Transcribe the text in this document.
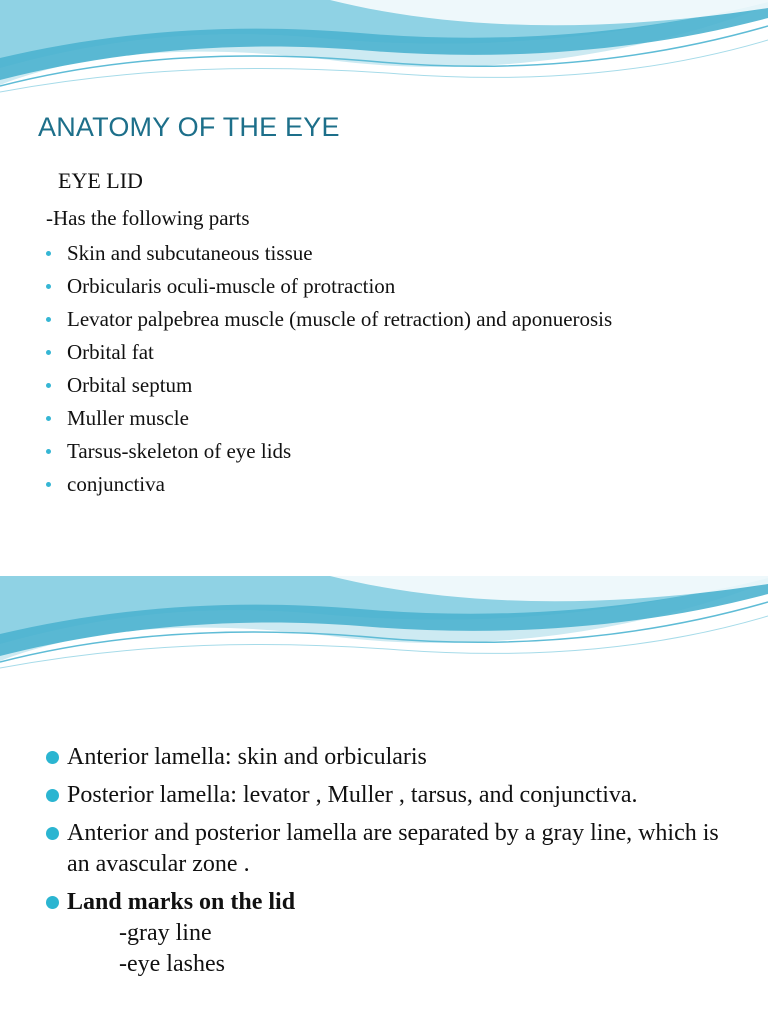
ANATOMY OF THE EYE
EYE LID
-Has the following parts
Skin and subcutaneous tissue
Orbicularis oculi-muscle of protraction
Levator palpebrea muscle (muscle of retraction) and aponuerosis
Orbital fat
Orbital septum
Muller muscle
Tarsus-skeleton of eye lids
conjunctiva
Anterior lamella: skin and orbicularis
Posterior lamella: levator , Muller , tarsus, and conjunctiva.
Anterior and posterior lamella are separated by a gray line, which is an avascular zone .
Land marks on the lid
-gray line
-eye lashes
